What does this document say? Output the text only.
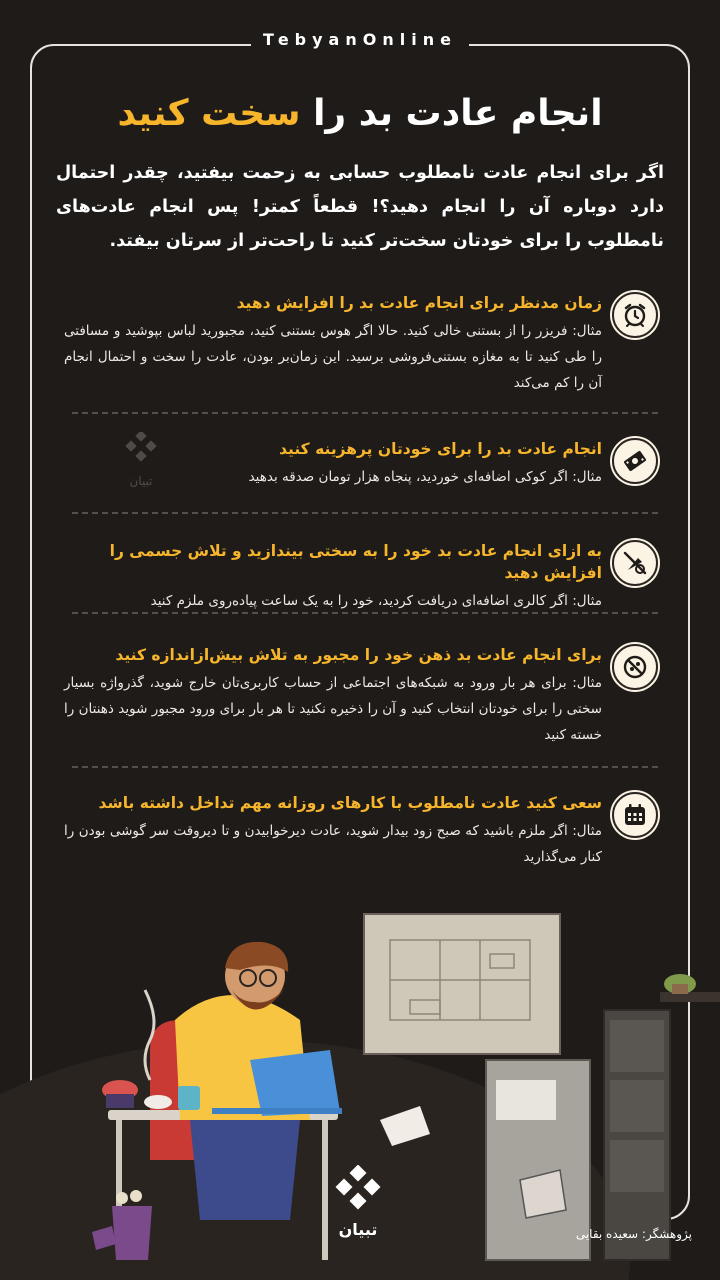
TebyanOnline
انجام عادت بد را سخت کنید
اگر برای انجام عادت نامطلوب حسابی به زحمت بیفتید، چقدر احتمال دارد دوباره آن را انجام دهید؟! قطعاً کمتر! پس انجام عادت‌های نامطلوب را برای خودتان سخت‌تر کنید تا راحت‌تر از سرتان بیفتد.
تبیان
زمان مدنظر برای انجام عادت بد را افزایش دهید

مثال: فریزر را از بستنی خالی کنید. حالا اگر هوس بستنی کنید، مجبورید لباس بپوشید و مسافتی را طی کنید تا به مغازه بستنی‌فروشی برسید. این زمان‌بر بودن، عادت را سخت و احتمال انجام آن را کم می‌کند

انجام عادت بد را برای خودتان پرهزینه کنید

مثال: اگر کوکی اضافه‌ای خوردید، پنجاه هزار تومان صدقه بدهید

به ازای انجام عادت بد خود را به سختی بیندازید و تلاش جسمی را افزایش دهید

مثال: اگر کالری اضافه‌ای دریافت کردید، خود را به یک ساعت پیاده‌روی ملزم کنید

برای انجام عادت بد ذهن خود را مجبور به تلاش بیش‌ازاندازه کنید

مثال: برای هر بار ورود به شبکه‌های اجتماعی از حساب کاربری‌تان خارج شوید، گذرواژه بسیار سختی را برای خودتان انتخاب کنید و آن را ذخیره نکنید تا هر بار برای ورود مجبور شوید ذهنتان را خسته کنید

سعی کنید عادت نامطلوب با کارهای روزانه مهم تداخل داشته باشد

مثال: اگر ملزم باشید که صبح زود بیدار شوید، عادت دیرخوابیدن و تا دیروقت سر گوشی بودن را کنار می‌گذارید

تبیان	پژوهشگر: سعیده بقایی
